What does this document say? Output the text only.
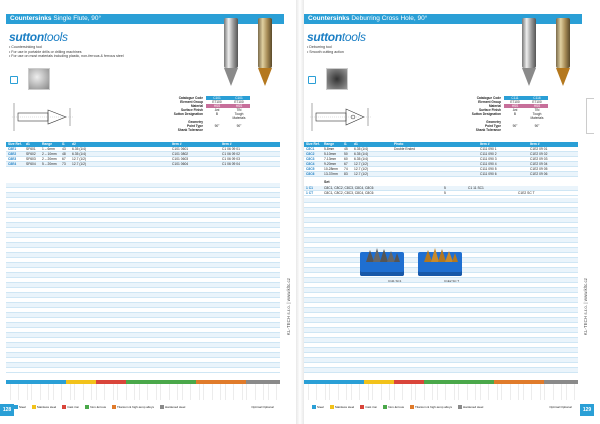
Countersinks Single Flute, 90°
suttontools
• Countersinking tool
• For use in portable drills or drilling machines
• For use on most materials including plastic, non-ferrous & ferrous steel
Catalogue Code	C101	C101
Element Group	E7100	E7100
Material	HSS	HSS
Surface Finish	Ani	TiN
Sutton Designation	B	Tough Materials
Geometry
Point Type	90°	90°
Shank Tolerance
Size Ref.	d1	Range	l1	d2	Item #	Item #
C8E1	SF601	1 – 6mm	43	6.35 (1/4)	C101 0601	C1 06 09 01
C8E2	SF602	2 – 10mm	48	6.35 (1/4)	C101 0802	C1 06 09 02
C8E3	SF603	2 – 20mm	67	12.7 (1/2)	C101 0603	C1 06 09 03
C8E4	SF604	5 – 20mm	73	12.7 (1/2)	C101 0604	C1 06 09 04
Steel	Stainless steel	Cast iron	Non-ferrous	Titanium & high-temp alloys	Hardened steel	Optimal Optional
128
KL-TECH s.r.o. | www.kltc.cz
Countersinks Deburring Cross Hole, 90°
suttontools
• Deburring tool
• Smooth cutting action
Catalogue Code	C111	C116
Element Group	E7100	E7100
Material	HSS	HSS
Surface Finish	Ani	TiN
Sutton Designation	B	Tough Materials
Geometry
Point Type	90°	90°
Shank Tolerance
Size Ref.	Range	l1	d1	Photo	Item #	Item #
C8C1	5-8mm	45	6.35 (1/4)	Double Ended	C111 090 1	C1E2 09 01
C8C2	5-10mm	50	6.35 (1/4)	C111 090 2	C1E2 09 02
C8C3	7-13mm	60	6.35 (1/4)	C111 090 3	C1E2 09 03
C8C4	9-20mm	67	12.7 (1/2)	C111 090 4	C1E2 09 04
C8C5	10-28mm	74	12.7 (1/2)	C111 090 5	C1E2 09 05
C8C6	13-37mm	83	12.7 (1/2)	C111 090 6	C1E2 09 06
Set
1 C1	C8C1, C8C2, C8C3, C8C4, C8C6	5	C1 11 SC1
1 CT	C8C1, C8C2, C8C3, C8C4, C8C6	5	C1E2 SC T
C111 SC1	C1E2 SC T
Steel	Stainless steel	Cast iron	Non-ferrous	Titanium & high-temp alloys	Hardened steel	Optimal Optional	129
KL-TECH s.r.o. | www.kltc.cz
